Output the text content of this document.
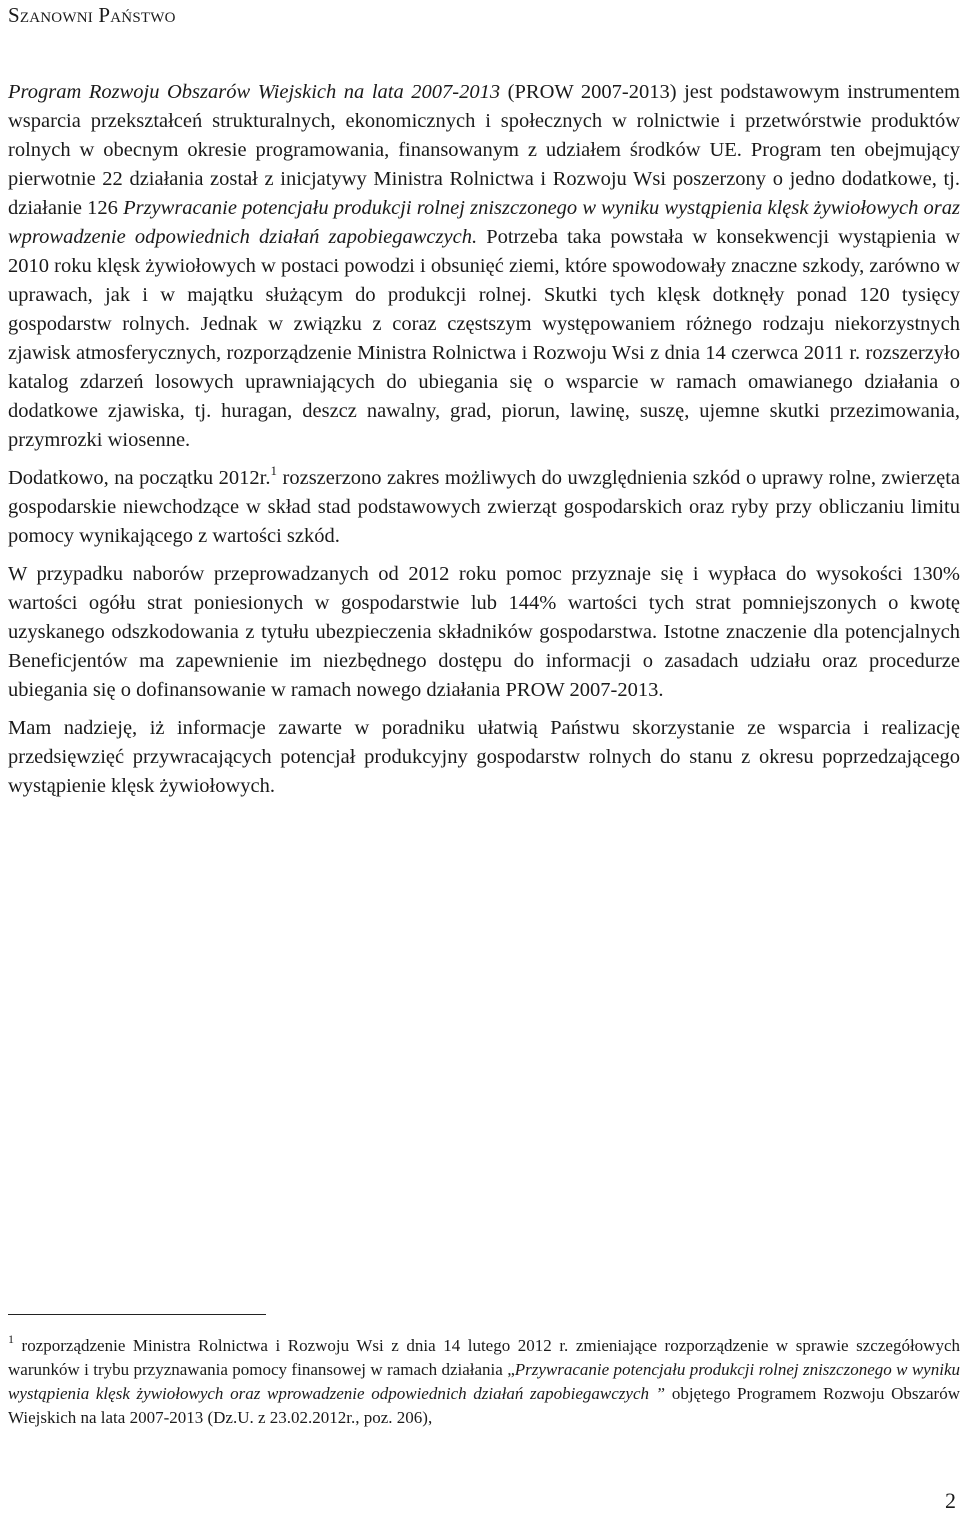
Szanowni Państwo

Program Rozwoju Obszarów Wiejskich na lata 2007-2013 (PROW 2007-2013) jest podstawowym instrumentem wsparcia przekształceń strukturalnych, ekonomicznych i społecznych w rolnictwie i przetwórstwie produktów rolnych w obecnym okresie programowania, finansowanym z udziałem środków UE. Program ten obejmujący pierwotnie 22 działania został z inicjatywy Ministra Rolnictwa i Rozwoju Wsi poszerzony o jedno dodatkowe, tj. działanie 126 Przywracanie potencjału produkcji rolnej zniszczonego w wyniku wystąpienia klęsk żywiołowych oraz wprowadzenie odpowiednich działań zapobiegawczych. Potrzeba taka powstała w konsekwencji wystąpienia w 2010 roku klęsk żywiołowych w postaci powodzi i obsunięć ziemi, które spowodowały znaczne szkody, zarówno w uprawach, jak i w majątku służącym do produkcji rolnej. Skutki tych klęsk dotknęły ponad 120 tysięcy gospodarstw rolnych. Jednak w związku z coraz częstszym występowaniem różnego rodzaju niekorzystnych zjawisk atmosferycznych, rozporządzenie Ministra Rolnictwa i Rozwoju Wsi z dnia 14 czerwca 2011 r. rozszerzyło katalog zdarzeń losowych uprawniających do ubiegania się o wsparcie w ramach omawianego działania o dodatkowe zjawiska, tj. huragan, deszcz nawalny, grad, piorun, lawinę, suszę, ujemne skutki przezimowania, przymrozki wiosenne.

Dodatkowo, na początku 2012r.$^1$ rozszerzono zakres możliwych do uwzględnienia szkód o uprawy rolne, zwierzęta gospodarskie niewchodzące w skład stad podstawowych zwierząt gospodarskich oraz ryby przy obliczaniu limitu pomocy wynikającego z wartości szkód.

W przypadku naborów przeprowadzanych od 2012 roku pomoc przyznaje się i wypłaca do wysokości 130% wartości ogółu strat poniesionych w gospodarstwie lub 144% wartości tych strat pomniejszonych o kwotę uzyskanego odszkodowania z tytułu ubezpieczenia składników gospodarstwa. Istotne znaczenie dla potencjalnych Beneficjentów ma zapewnienie im niezbędnego dostępu do informacji o zasadach udziału oraz procedurze ubiegania się o dofinansowanie w ramach nowego działania PROW 2007-2013.

Mam nadzieję, iż informacje zawarte w poradniku ułatwią Państwu skorzystanie ze wsparcia i realizację przedsięwzięć przywracających potencjał produkcyjny gospodarstw rolnych do stanu z okresu poprzedzającego wystąpienie klęsk żywiołowych.

$^1$ rozporządzenie Ministra Rolnictwa i Rozwoju Wsi z dnia 14 lutego 2012 r. zmieniające rozporządzenie w sprawie szczegółowych warunków i trybu przyznawania pomocy finansowej w ramach działania „Przywracanie potencjału produkcji rolnej zniszczonego w wyniku wystąpienia klęsk żywiołowych oraz wprowadzenie odpowiednich działań zapobiegawczych ” objętego Programem Rozwoju Obszarów Wiejskich na lata 2007-2013 (Dz.U. z 23.02.2012r., poz. 206),

2
